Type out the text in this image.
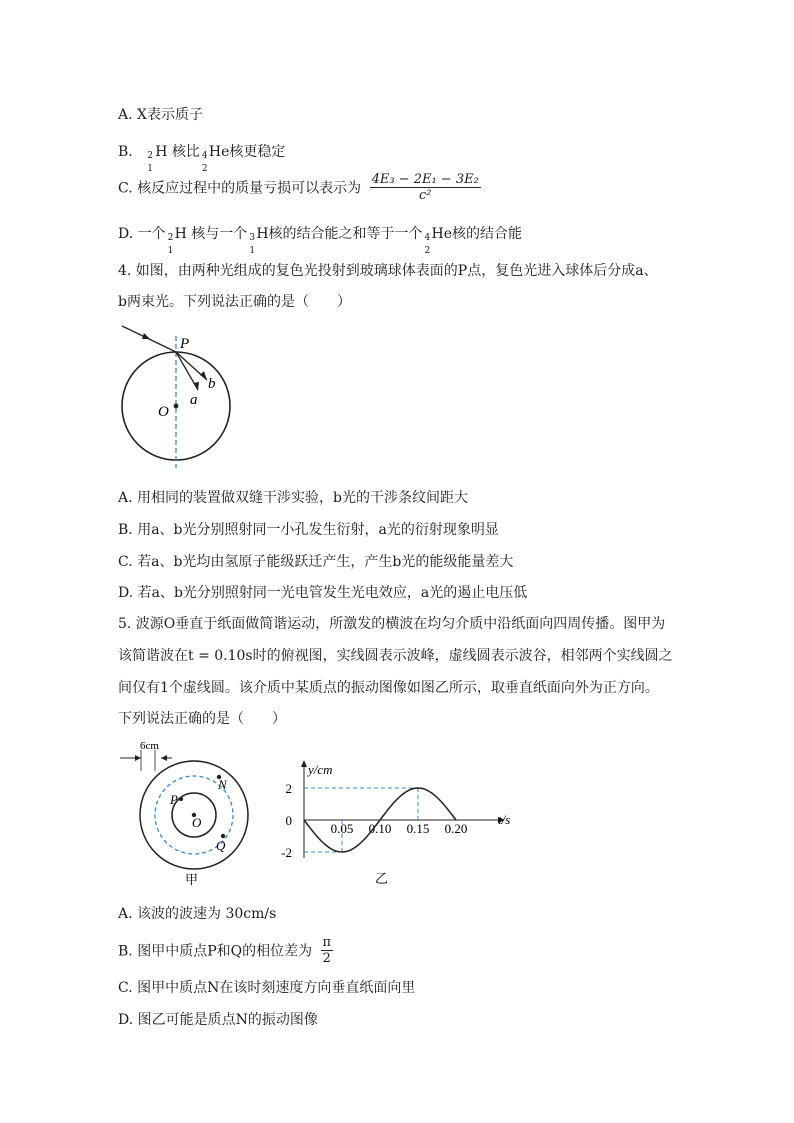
A. X表示质子
B. 2
1
H 核比 4
2
He核更稳定
C. 核反应过程中的质量亏损可以表示为 $\frac{\text{4E₃ − 2E₁ − 3E₂}}{\text{c²}}$
D. 一个 2
1
H 核与一个 3
1
H核的结合能之和等于一个 4
2
He核的结合能
4. 如图，由两种光组成的复色光投射到玻璃球体表面的P点，复色光进入球体后分成a、
b两束光。下列说法正确的是（　　）
P
O
a
b
A. 用相同的装置做双缝干涉实验，b光的干涉条纹间距大
B. 用a、b光分别照射同一小孔发生衍射，a光的衍射现象明显
C. 若a、b光均由氢原子能级跃迁产生，产生b光的能级能量差大
D. 若a、b光分别照射同一光电管发生光电效应，a光的遏止电压低
5. 波源O垂直于纸面做简谐运动，所激发的横波在均匀介质中沿纸面向四周传播。图甲为
该简谐波在t = 0.10s时的俯视图，实线圆表示波峰，虚线圆表示波谷，相邻两个实线圆之
间仅有1个虚线圆。该介质中某质点的振动图像如图乙所示，取垂直纸面向外为正方向。
下列说法正确的是（　　）
6cm
P
N
O
Q
甲
y/cm
t/s
2
0
-2
0.05 0.10 0.15 0.20
乙
A. 该波的波速为 30cm/s
B. 图甲中质点P和Q的相位差为 $\frac{\pi}{2}$
C. 图甲中质点N在该时刻速度方向垂直纸面向里
D. 图乙可能是质点N的振动图像
